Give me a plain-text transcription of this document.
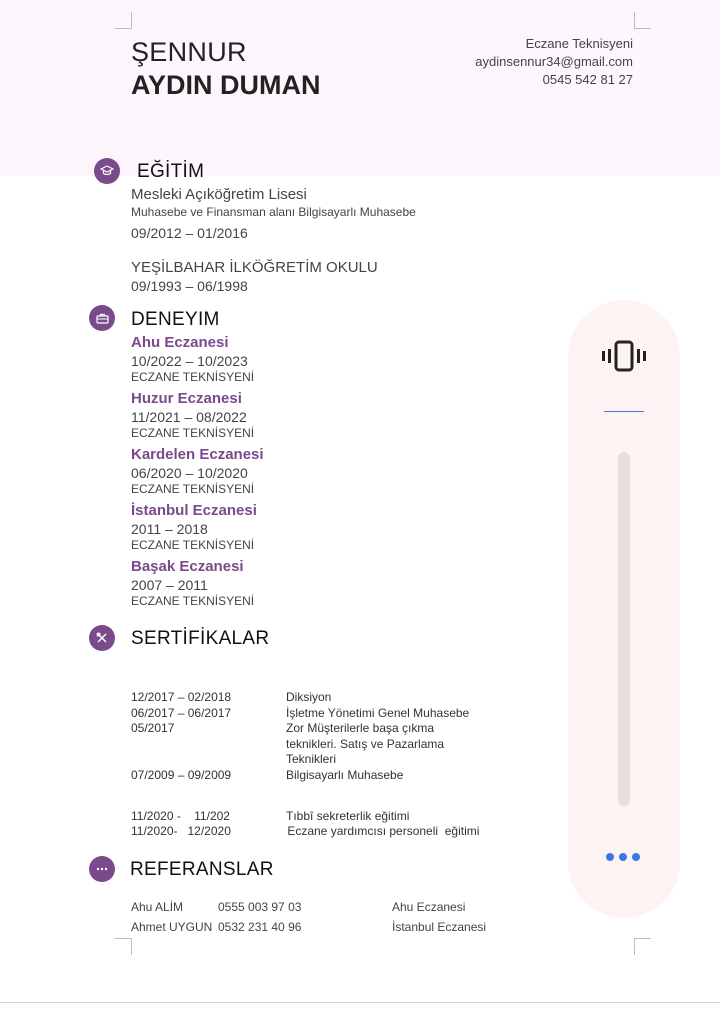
ŞENNUR
AYDIN DUMAN
Eczane Teknisyeni
aydinsennur34@gmail.com
0545 542 81 27
EĞİTİM
Mesleki Açıköğretim Lisesi
Muhasebe ve Finansman alanı Bilgisayarlı Muhasebe
09/2012 – 01/2016
YEŞİLBAHAR İLKÖĞRETİM OKULU
09/1993 – 06/1998
DENEYIM
Ahu Eczanesi
10/2022 – 10/2023
ECZANE TEKNİSYENİ
Huzur Eczanesi
11/2021 – 08/2022
ECZANE TEKNİSYENİ
Kardelen Eczanesi
06/2020 – 10/2020
ECZANE TEKNİSYENİ
İstanbul Eczanesi
2011 – 2018
ECZANE TEKNİSYENİ
Başak Eczanesi
2007 – 2011
ECZANE TEKNİSYENİ
SERTİFİKALAR
12/2017 – 02/2018	Diksiyon
06/2017 – 06/2017	İşletme Yönetimi Genel Muhasebe
05/2017	Zor Müşterilerle başa çıkma
teknikleri. Satış ve Pazarlama
Teknikleri
07/2009 – 09/2009	Bilgisayarlı Muhasebe
11/2020 -    11/202	Tıbbî sekreterlik eğitimi
11/2020-   12/2020	Eczane yardımcısı personeli  eğitimi
REFERANSLAR
Ahu ALİM	0555 003 97 03	Ahu Eczanesi
Ahmet UYGUN 0532 231 40 96	İstanbul Eczanesi
